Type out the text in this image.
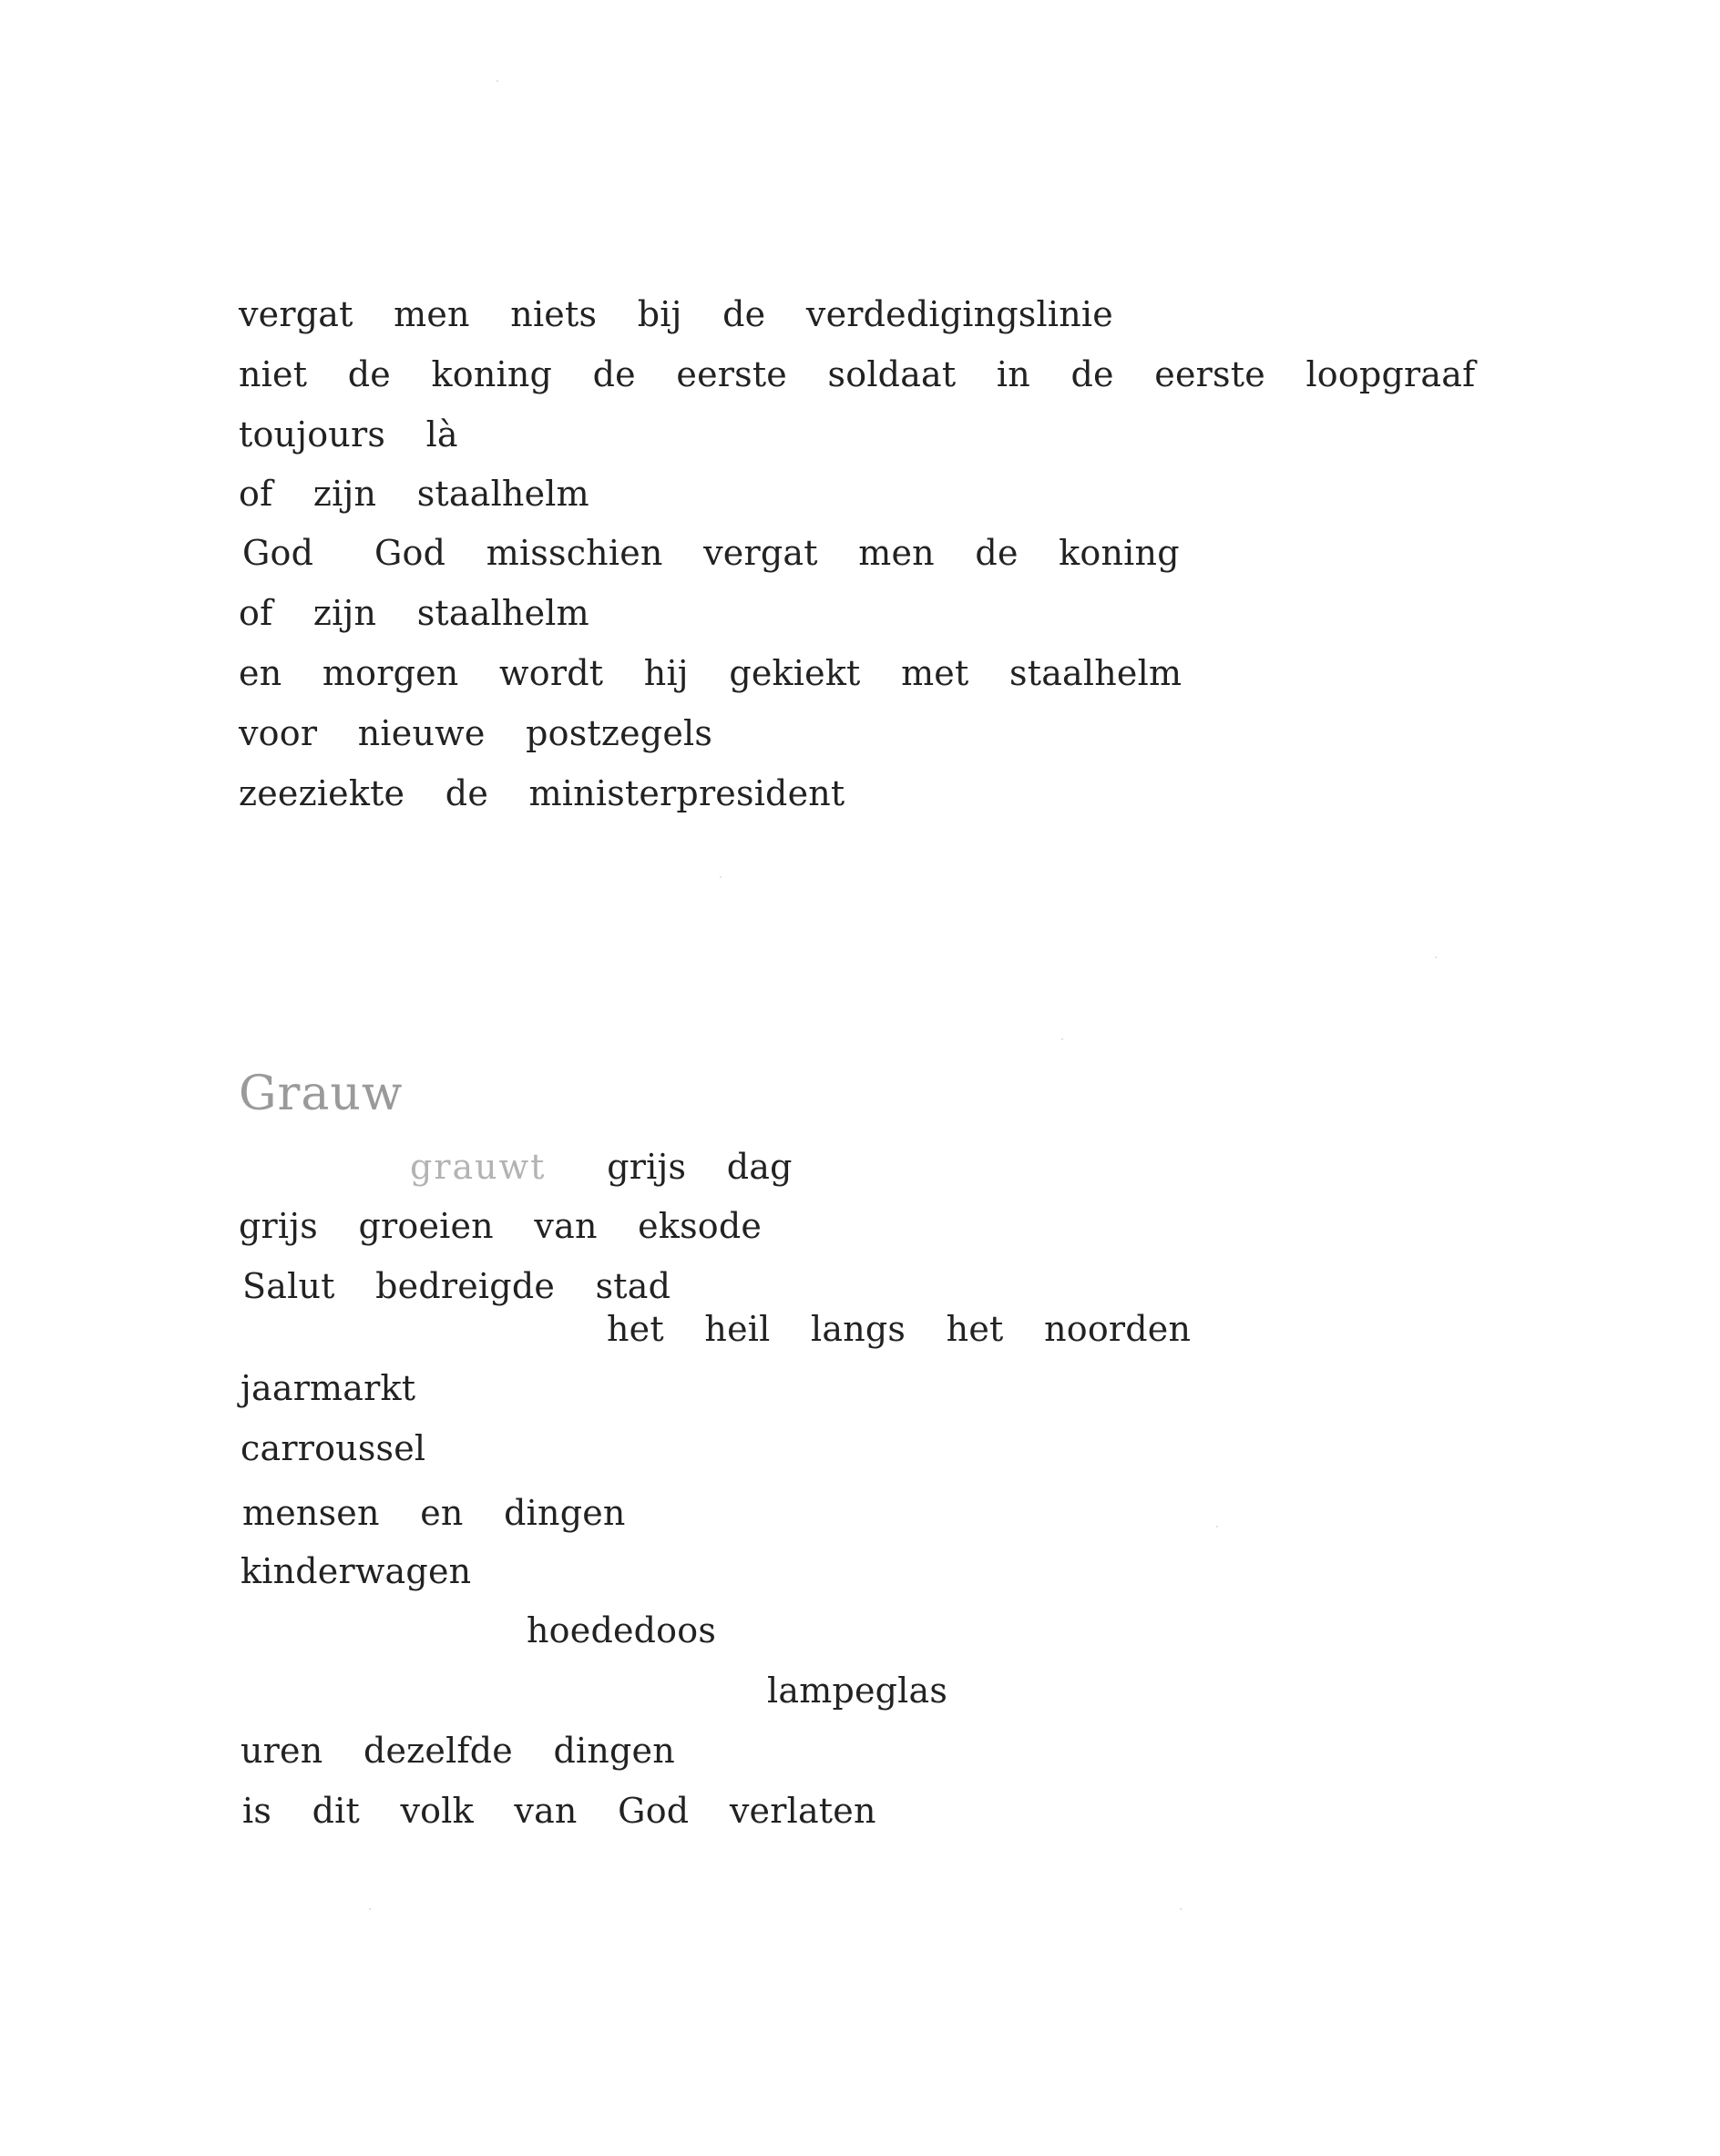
vergat  men  niets  bij  de  verdedigingslinie
niet  de  koning  de  eerste  soldaat  in  de  eerste  loopgraaf
toujours  là
of  zijn  staalhelm
God   God  misschien  vergat  men  de  koning
of  zijn  staalhelm
en  morgen  wordt  hij  gekiekt  met  staalhelm
voor  nieuwe  postzegels
zeeziekte  de  ministerpresident
Grauw
grauwt grijs  dag
grijs  groeien  van  eksode
Salut  bedreigde  stad
het  heil  langs  het  noorden
jaarmarkt
carroussel
mensen  en  dingen
kinderwagen
hoededoos
lampeglas
uren  dezelfde  dingen
is  dit  volk  van  God  verlaten
